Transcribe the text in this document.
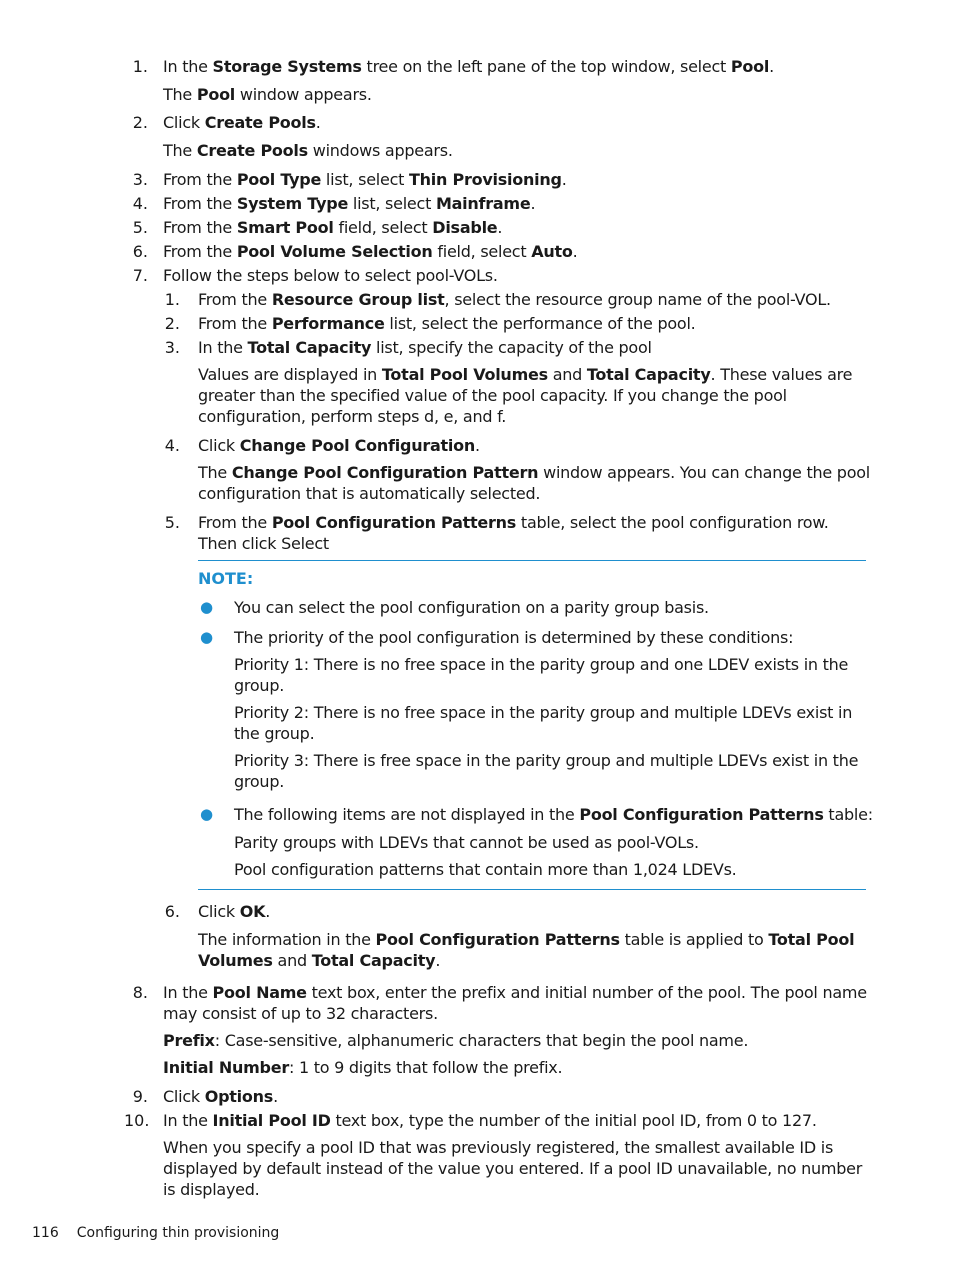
1. In the Storage Systems tree on the left pane of the top window, select Pool.
The Pool window appears.
2. Click Create Pools.
The Create Pools windows appears.
3. From the Pool Type list, select Thin Provisioning.
4. From the System Type list, select Mainframe.
5. From the Smart Pool field, select Disable.
6. From the Pool Volume Selection field, select Auto.
7. Follow the steps below to select pool-VOLs.
1. From the Resource Group list, select the resource group name of the pool-VOL.
2. From the Performance list, select the performance of the pool.
3. In the Total Capacity list, specify the capacity of the pool
Values are displayed in Total Pool Volumes and Total Capacity. These values are greater than the specified value of the pool capacity. If you change the pool configuration, perform steps d, e, and f.
4. Click Change Pool Configuration.
The Change Pool Configuration Pattern window appears. You can change the pool configuration that is automatically selected.
5. From the Pool Configuration Patterns table, select the pool configuration row. Then click Select
NOTE:
● You can select the pool configuration on a parity group basis.
● The priority of the pool configuration is determined by these conditions:
Priority 1: There is no free space in the parity group and one LDEV exists in the group.
Priority 2: There is no free space in the parity group and multiple LDEVs exist in the group.
Priority 3: There is free space in the parity group and multiple LDEVs exist in the group.
● The following items are not displayed in the Pool Configuration Patterns table:
Parity groups with LDEVs that cannot be used as pool-VOLs.
Pool configuration patterns that contain more than 1,024 LDEVs.
6. Click OK.
The information in the Pool Configuration Patterns table is applied to Total Pool Volumes and Total Capacity.
8. In the Pool Name text box, enter the prefix and initial number of the pool. The pool name may consist of up to 32 characters.
Prefix: Case-sensitive, alphanumeric characters that begin the pool name.
Initial Number: 1 to 9 digits that follow the prefix.
9. Click Options.
10. In the Initial Pool ID text box, type the number of the initial pool ID, from 0 to 127.
When you specify a pool ID that was previously registered, the smallest available ID is displayed by default instead of the value you entered. If a pool ID unavailable, no number is displayed.
116 Configuring thin provisioning
